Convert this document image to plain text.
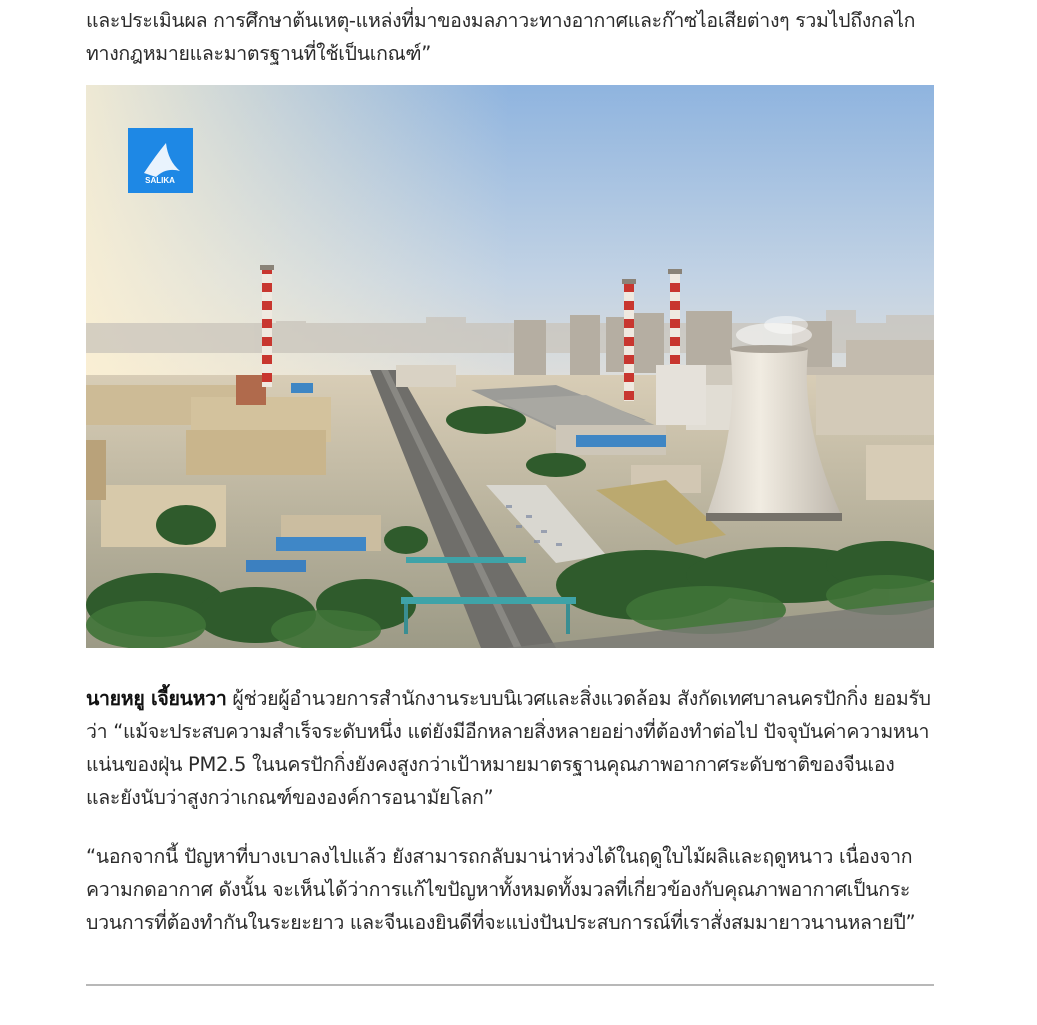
และประเมินผล การศึกษาต้นเหตุ-แหล่งที่มาของมลภาวะทางอากาศและก๊าซไอเสียต่างๆ รวมไปถึงกลไกทางกฎหมายและมาตรฐานที่ใช้เป็นเกณฑ์”

SALIKA

นายหยู เจี้ยนหวา ผู้ช่วยผู้อำนวยการสำนักงานระบบนิเวศและสิ่งแวดล้อม สังกัดเทศบาลนครปักกิ่ง ยอมรับว่า “แม้จะประสบความสำเร็จระดับหนึ่ง แต่ยังมีอีกหลายสิ่งหลายอย่างที่ต้องทำต่อไป ปัจจุบันค่าความหนาแน่นของฝุ่น PM2.5 ในนครปักกิ่งยังคงสูงกว่าเป้าหมายมาตรฐานคุณภาพอากาศระดับชาติของจีนเอง และยังนับว่าสูงกว่าเกณฑ์ขององค์การอนามัยโลก”

“นอกจากนี้ ปัญหาที่บางเบาลงไปแล้ว ยังสามารถกลับมาน่าห่วงได้ในฤดูใบไม้ผลิและฤดูหนาว เนื่องจากความกดอากาศ ดังนั้น จะเห็นได้ว่าการแก้ไขปัญหาทั้งหมดทั้งมวลที่เกี่ยวข้องกับคุณภาพอากาศเป็นกระบวนการที่ต้องทำกันในระยะยาว และจีนเองยินดีที่จะแบ่งปันประสบการณ์ที่เราสั่งสมมายาวนานหลายปี”
